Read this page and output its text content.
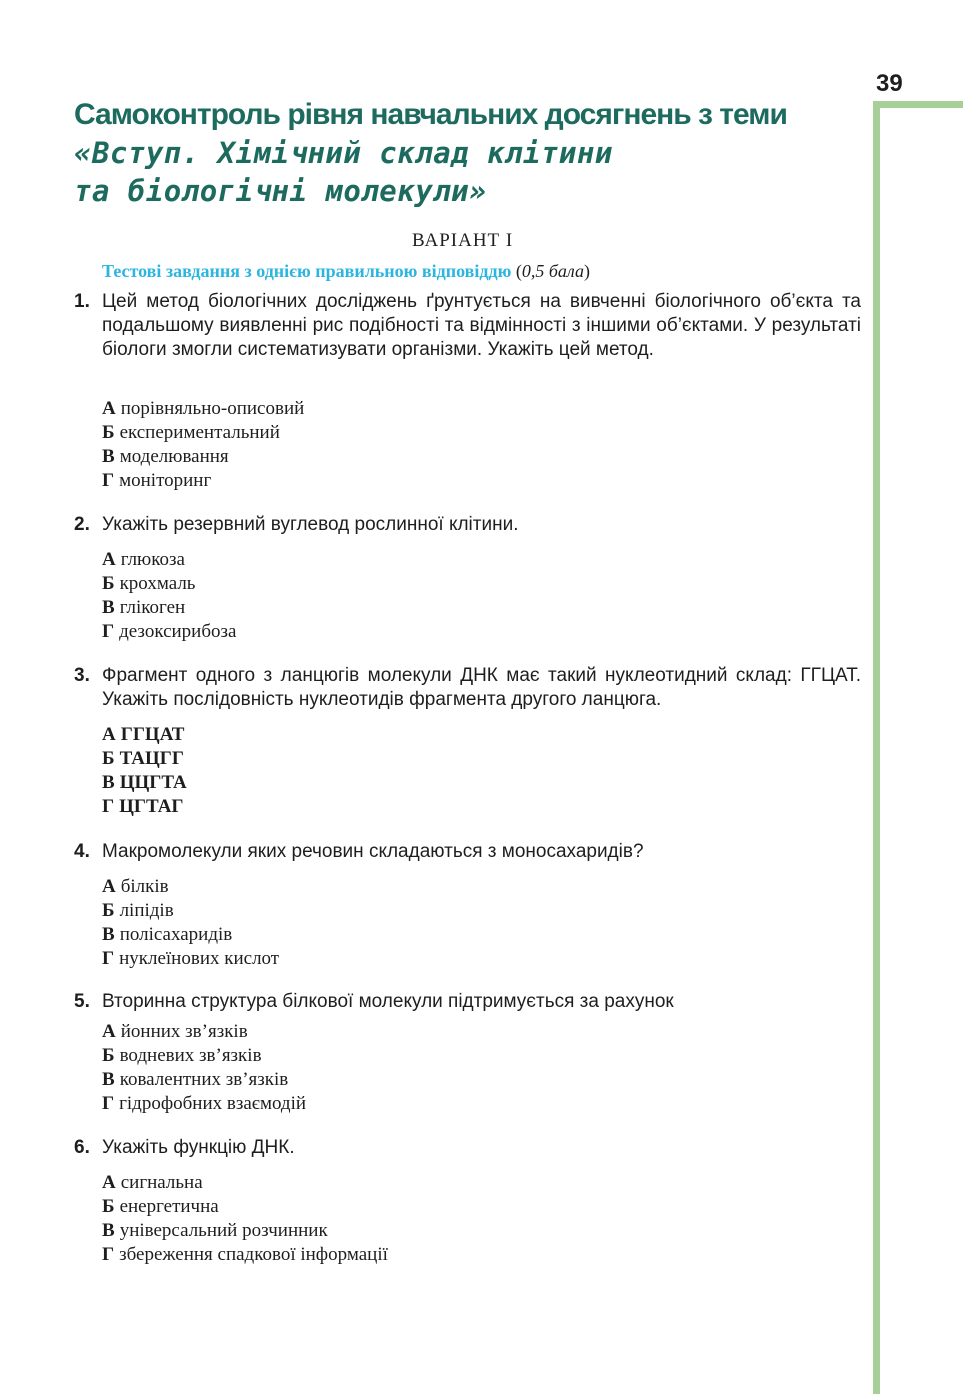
39
Самоконтроль рівня навчальних досягнень з теми
«Вступ. Хімічний склад клітини
та біологічні молекули»
ВАРІАНТ І
Тестові завдання з однією правильною відповіддю (0,5 бала)
1. Цей метод біологічних досліджень ґрунтується на вивченні біологічного об’єкта та подальшому виявленні рис подібності та відмінності з іншими об’єктами. У результаті біологи змогли систематизувати організми. Укажіть цей метод.
А порівняльно-описовий
Б експериментальний
В моделювання
Г моніторинг
2. Укажіть резервний вуглевод рослинної клітини.
А глюкоза
Б крохмаль
В глікоген
Г дезоксирибоза
3. Фрагмент одного з ланцюгів молекули ДНК має такий нуклеотидний склад: ГГЦАТ. Укажіть послідовність нуклеотидів фрагмента другого ланцюга.
А ГГЦАТ
Б ТАЦГГ
В ЦЦГТА
Г ЦГТАГ
4. Макромолекули яких речовин складаються з моносахаридів?
А білків
Б ліпідів
В полісахаридів
Г нуклеїнових кислот
5. Вторинна структура білкової молекули підтримується за рахунок
А йонних зв’язків
Б водневих зв’язків
В ковалентних зв’язків
Г гідрофобних взаємодій
6. Укажіть функцію ДНК.
А сигнальна
Б енергетична
В універсальний розчинник
Г збереження спадкової інформації
